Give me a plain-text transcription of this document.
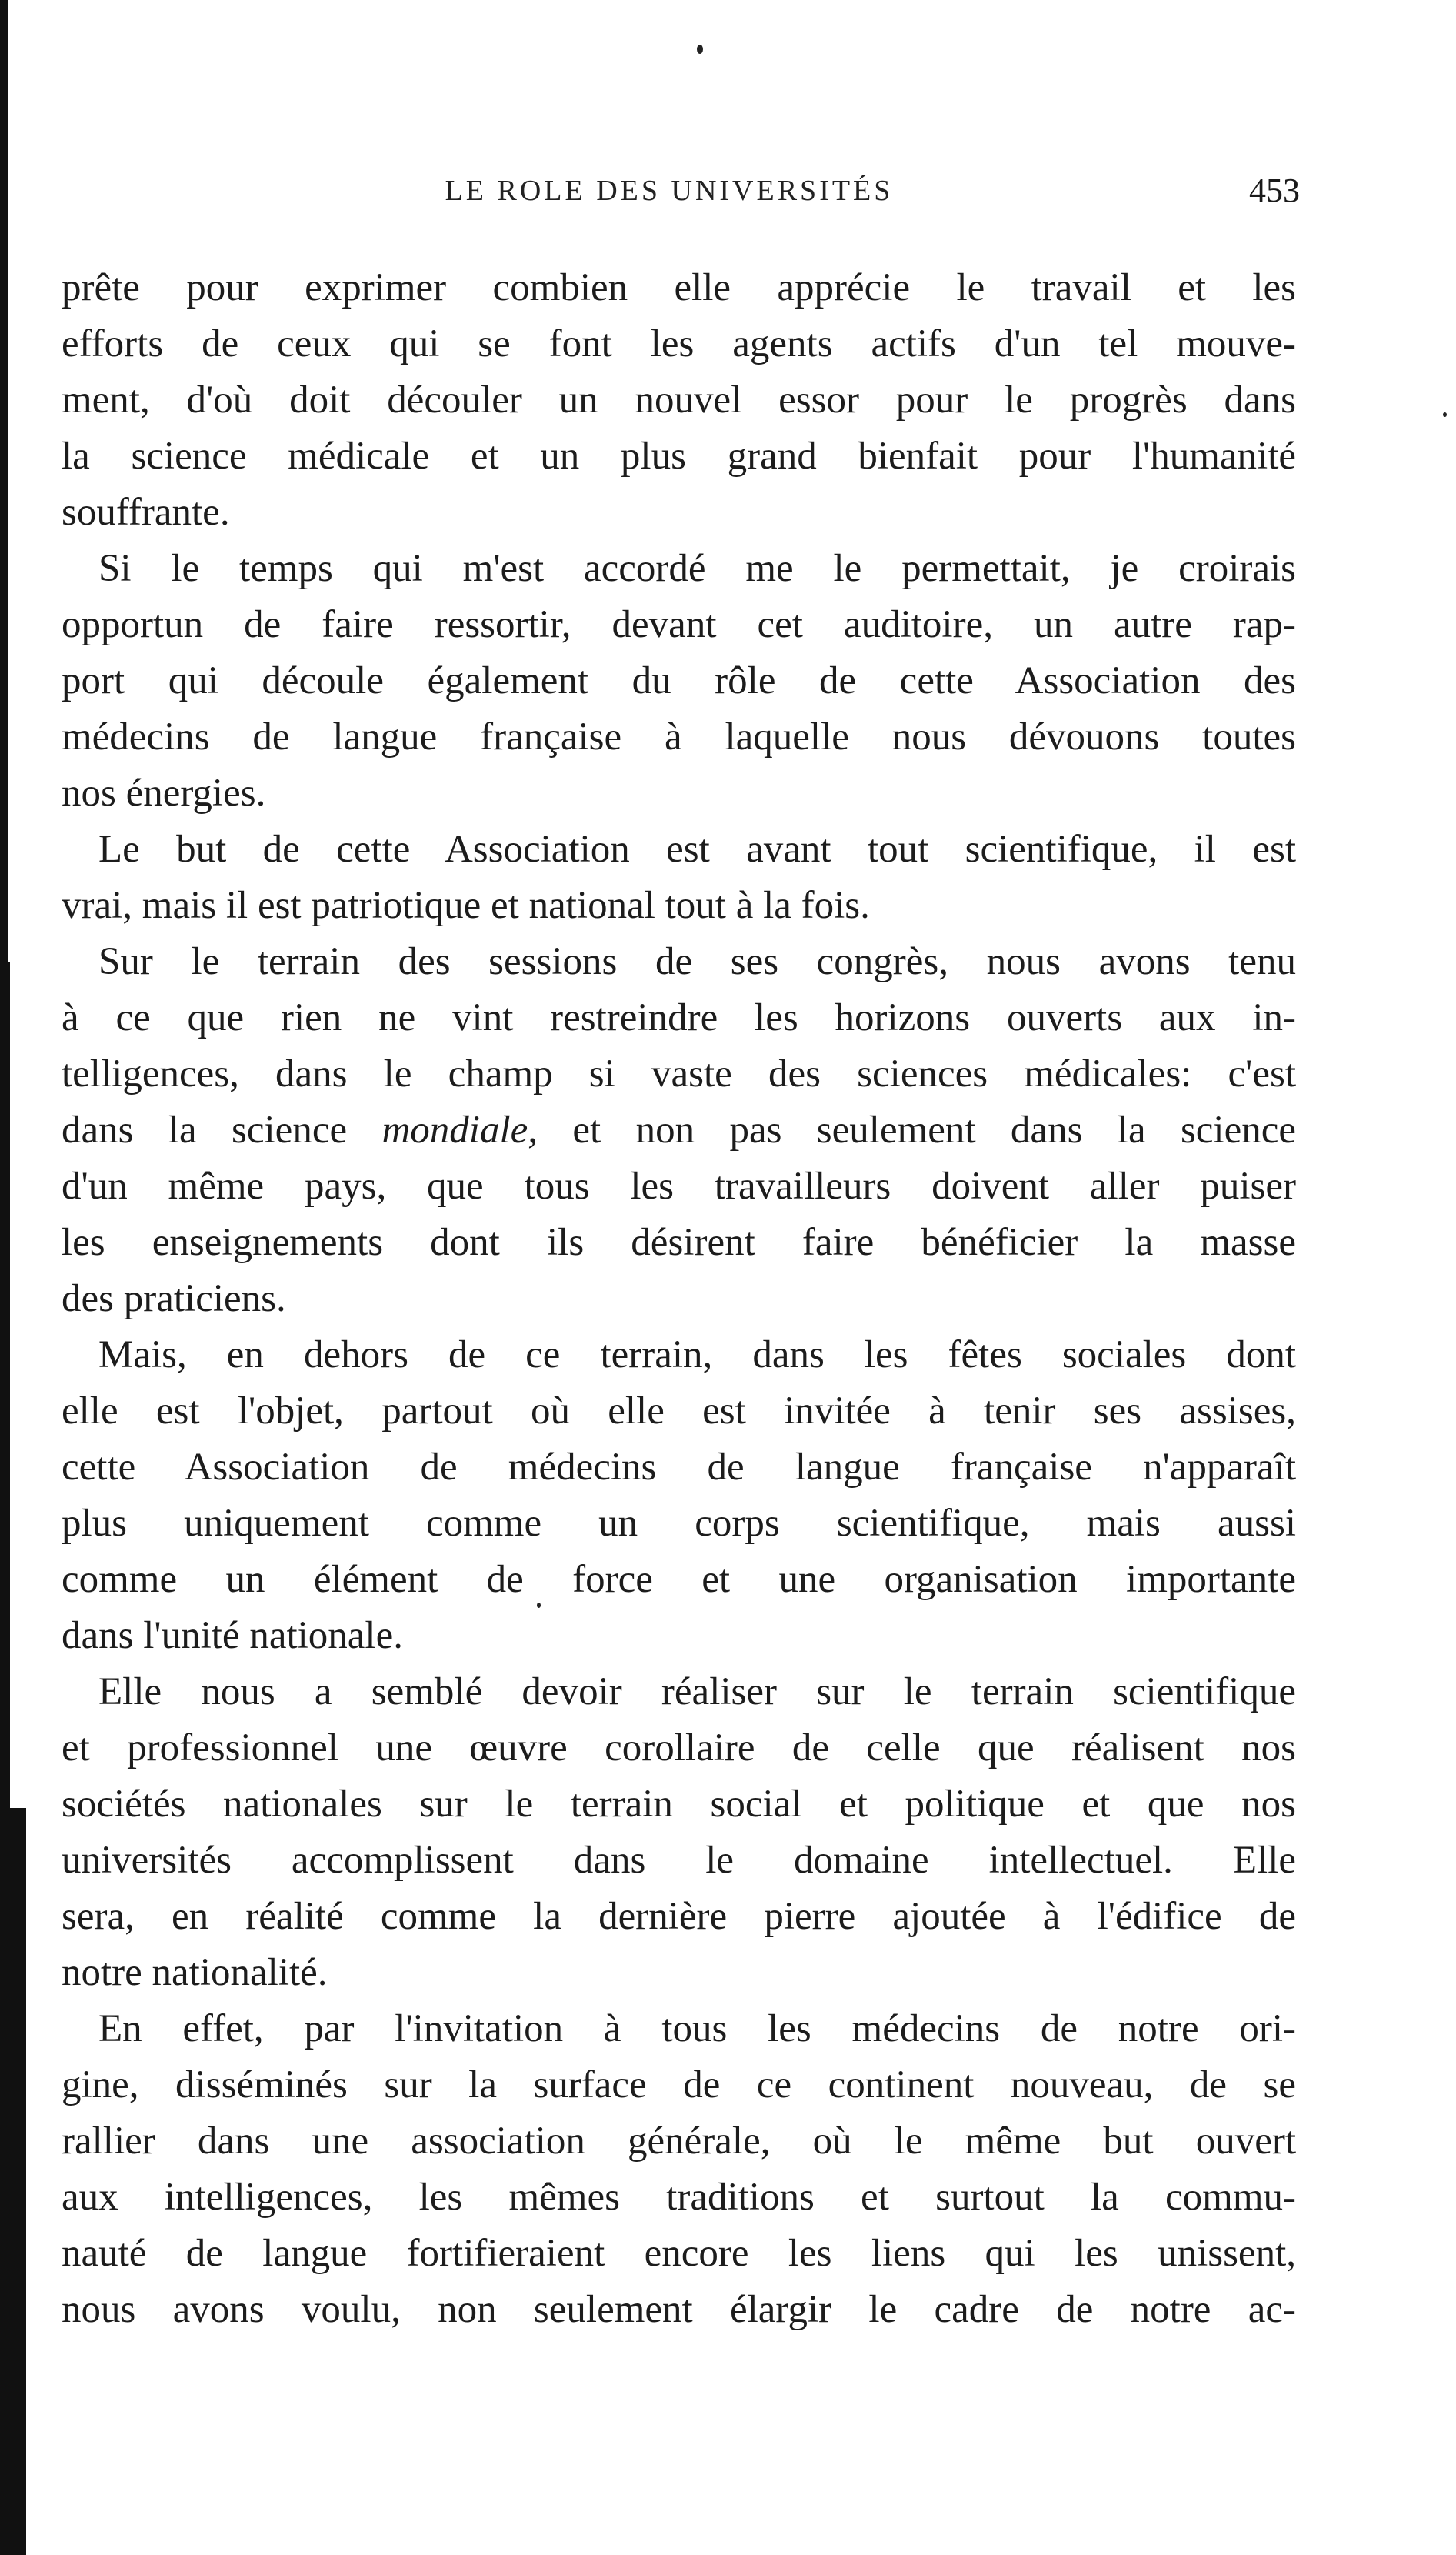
LE ROLE DES UNIVERSITÉS	453
prête pour exprimer combien elle apprécie le travail et les
efforts de ceux qui se font les agents actifs d'un tel mouve-
ment, d'où doit découler un nouvel essor pour le progrès dans
la science médicale et un plus grand bienfait pour l'humanité
souffrante.
Si le temps qui m'est accordé me le permettait, je croirais
opportun de faire ressortir, devant cet auditoire, un autre rap-
port qui découle également du rôle de cette Association des
médecins de langue française à laquelle nous dévouons toutes
nos énergies.
Le but de cette Association est avant tout scientifique, il est
vrai, mais il est patriotique et national tout à la fois.
Sur le terrain des sessions de ses congrès, nous avons tenu
à ce que rien ne vint restreindre les horizons ouverts aux in-
telligences, dans le champ si vaste des sciences médicales: c'est
dans la science mondiale, et non pas seulement dans la science
d'un même pays, que tous les travailleurs doivent aller puiser
les enseignements dont ils désirent faire bénéficier la masse
des praticiens.
Mais, en dehors de ce terrain, dans les fêtes sociales dont
elle est l'objet, partout où elle est invitée à tenir ses assises,
cette Association de médecins de langue française n'apparaît
plus uniquement comme un corps scientifique, mais aussi
comme un élément de force et une organisation importante
dans l'unité nationale.
Elle nous a semblé devoir réaliser sur le terrain scientifique
et professionnel une œuvre corollaire de celle que réalisent nos
sociétés nationales sur le terrain social et politique et que nos
universités accomplissent dans le domaine intellectuel. Elle
sera, en réalité comme la dernière pierre ajoutée à l'édifice de
notre nationalité.
En effet, par l'invitation à tous les médecins de notre ori-
gine, disséminés sur la surface de ce continent nouveau, de se
rallier dans une association générale, où le même but ouvert
aux intelligences, les mêmes traditions et surtout la commu-
nauté de langue fortifieraient encore les liens qui les unissent,
nous avons voulu, non seulement élargir le cadre de notre ac-
